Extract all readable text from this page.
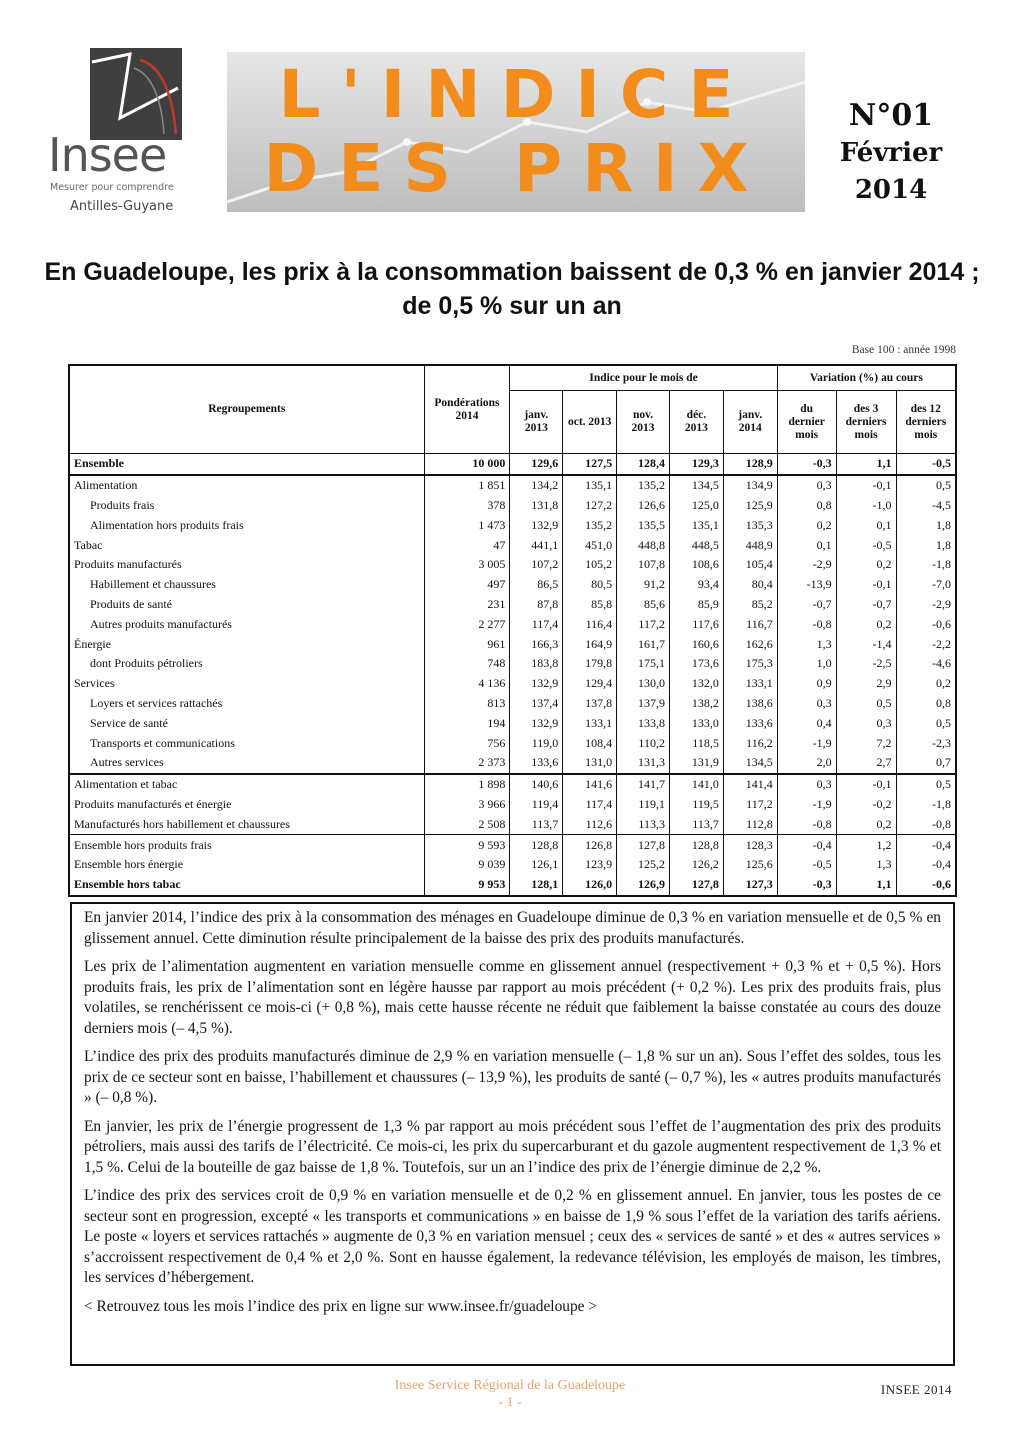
Insee
Mesurer pour comprendre
Antilles-Guyane
L'INDICE
DES PRIX
N°01
Février
2014
En Guadeloupe, les prix à la consommation baissent de 0,3 % en janvier 2014 ;
de 0,5 % sur un an
Base 100 : année 1998
Regroupements	Pondérations 2014	Indice pour le mois de					Variation (%) au cours		
		janv. 2013	oct. 2013	nov. 2013	déc. 2013	janv. 2014	du dernier mois	des 3 derniers mois	des 12 derniers mois
Ensemble	10 000	129,6	127,5	128,4	129,3	128,9	-0,3	1,1	-0,5
Alimentation	1 851	134,2	135,1	135,2	134,5	134,9	0,3	-0,1	0,5
Produits frais	378	131,8	127,2	126,6	125,0	125,9	0,8	-1,0	-4,5
Alimentation hors produits frais	1 473	132,9	135,2	135,5	135,1	135,3	0,2	0,1	1,8
Tabac	47	441,1	451,0	448,8	448,5	448,9	0,1	-0,5	1,8
Produits manufacturés	3 005	107,2	105,2	107,8	108,6	105,4	-2,9	0,2	-1,8
Habillement et chaussures	497	86,5	80,5	91,2	93,4	80,4	-13,9	-0,1	-7,0
Produits de santé	231	87,8	85,8	85,6	85,9	85,2	-0,7	-0,7	-2,9
Autres produits manufacturés	2 277	117,4	116,4	117,2	117,6	116,7	-0,8	0,2	-0,6
Énergie	961	166,3	164,9	161,7	160,6	162,6	1,3	-1,4	-2,2
dont Produits pétroliers	748	183,8	179,8	175,1	173,6	175,3	1,0	-2,5	-4,6
Services	4 136	132,9	129,4	130,0	132,0	133,1	0,9	2,9	0,2
Loyers et services rattachés	813	137,4	137,8	137,9	138,2	138,6	0,3	0,5	0,8
Service de santé	194	132,9	133,1	133,8	133,0	133,6	0,4	0,3	0,5
Transports et communications	756	119,0	108,4	110,2	118,5	116,2	-1,9	7,2	-2,3
Autres services	2 373	133,6	131,0	131,3	131,9	134,5	2,0	2,7	0,7
Alimentation et tabac	1 898	140,6	141,6	141,7	141,0	141,4	0,3	-0,1	0,5
Produits manufacturés et énergie	3 966	119,4	117,4	119,1	119,5	117,2	-1,9	-0,2	-1,8
Manufacturés hors habillement et chaussures	2 508	113,7	112,6	113,3	113,7	112,8	-0,8	0,2	-0,8
Ensemble hors produits frais	9 593	128,8	126,8	127,8	128,8	128,3	-0,4	1,2	-0,4
Ensemble hors énergie	9 039	126,1	123,9	125,2	126,2	125,6	-0,5	1,3	-0,4
Ensemble hors tabac	9 953	128,1	126,0	126,9	127,8	127,3	-0,3	1,1	-0,6

En janvier 2014, l’indice des prix à la consommation des ménages en Guadeloupe diminue de 0,3 % en variation mensuelle et de 0,5 % en glissement annuel. Cette diminution résulte principalement de la baisse des prix des produits manufacturés.

Les prix de l’alimentation augmentent en variation mensuelle comme en glissement annuel (respectivement + 0,3 % et + 0,5 %). Hors produits frais, les prix de l’alimentation sont en légère hausse par rapport au mois précédent (+ 0,2 %). Les prix des produits frais, plus volatiles, se renchérissent ce mois-ci (+ 0,8 %), mais cette hausse récente ne réduit que faiblement la baisse constatée au cours des douze derniers mois (– 4,5 %).

L’indice des prix des produits manufacturés diminue de 2,9 % en variation mensuelle (– 1,8 % sur un an). Sous l’effet des soldes, tous les prix de ce secteur sont en baisse, l’habillement et chaussures (– 13,9 %), les produits de santé (– 0,7 %), les « autres produits manufacturés » (– 0,8 %).

En janvier, les prix de l’énergie progressent de 1,3 % par rapport au mois précédent sous l’effet de l’augmentation des prix des produits pétroliers, mais aussi des tarifs de l’électricité. Ce mois-ci, les prix du supercarburant et du gazole augmentent respectivement de 1,3 % et 1,5 %. Celui de la bouteille de gaz baisse de 1,8 %. Toutefois, sur un an l’indice des prix de l’énergie diminue de 2,2 %.

L’indice des prix des services croit de 0,9 % en variation mensuelle et de 0,2 % en glissement annuel. En janvier, tous les postes de ce secteur sont en progression, excepté « les transports et communications » en baisse de 1,9 % sous l’effet de la variation des tarifs aériens. Le poste « loyers et services rattachés » augmente de 0,3 % en variation mensuel ; ceux des « services de santé » et des « autres services » s’accroissent respectivement de 0,4 % et 2,0 %. Sont en hausse également, la redevance télévision, les employés de maison, les timbres, les services d’hébergement.

< Retrouvez tous les mois l’indice des prix en ligne sur www.insee.fr/guadeloupe >

Insee Service Régional de la Guadeloupe
- 1 -
INSEE 2014
